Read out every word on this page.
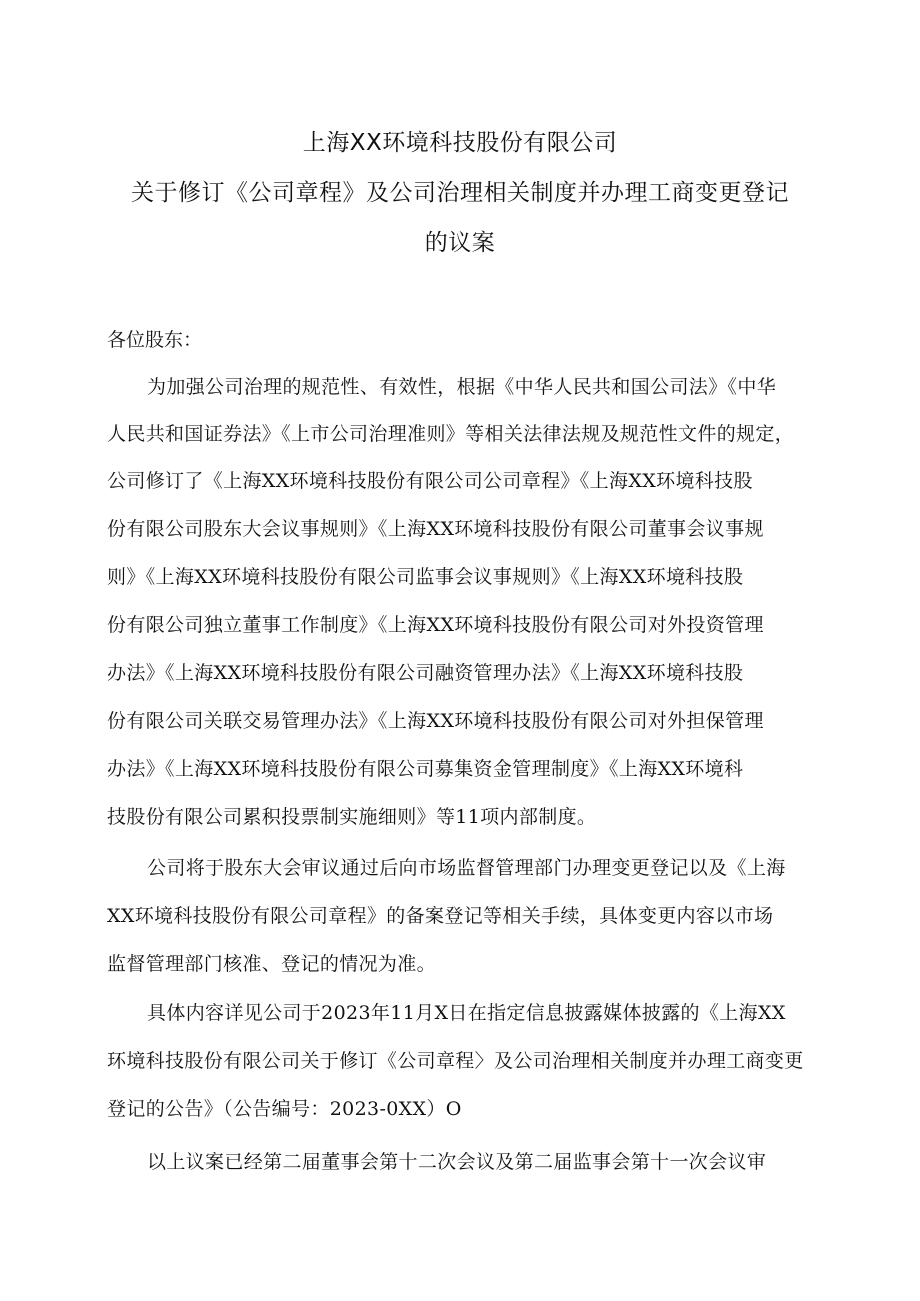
上海XX环境科技股份有限公司
关于修订《公司章程》及公司治理相关制度并办理工商变更登记
的议案
各位股东：
为加强公司治理的规范性、有效性，根据《中华人民共和国公司法》《中华
人民共和国证券法》《上市公司治理准则》等相关法律法规及规范性文件的规定，
公司修订了《上海XX环境科技股份有限公司公司章程》《上海XX环境科技股
份有限公司股东大会议事规则》《上海XX环境科技股份有限公司董事会议事规
则》《上海XX环境科技股份有限公司监事会议事规则》《上海XX环境科技股
份有限公司独立董事工作制度》《上海XX环境科技股份有限公司对外投资管理
办法》《上海XX环境科技股份有限公司融资管理办法》《上海XX环境科技股
份有限公司关联交易管理办法》《上海XX环境科技股份有限公司对外担保管理
办法》《上海XX环境科技股份有限公司募集资金管理制度》《上海XX环境科
技股份有限公司累积投票制实施细则》等11项内部制度。
公司将于股东大会审议通过后向市场监督管理部门办理变更登记以及《上海
XX环境科技股份有限公司章程》的备案登记等相关手续，具体变更内容以市场
监督管理部门核准、登记的情况为准。
具体内容详见公司于2023年11月X日在指定信息披露媒体披露的《上海XX
环境科技股份有限公司关于修订《公司章程〉及公司治理相关制度并办理工商变更
登记的公告》（公告编号：2023-0XX）O
以上议案已经第二届董事会第十二次会议及第二届监事会第十一次会议审
